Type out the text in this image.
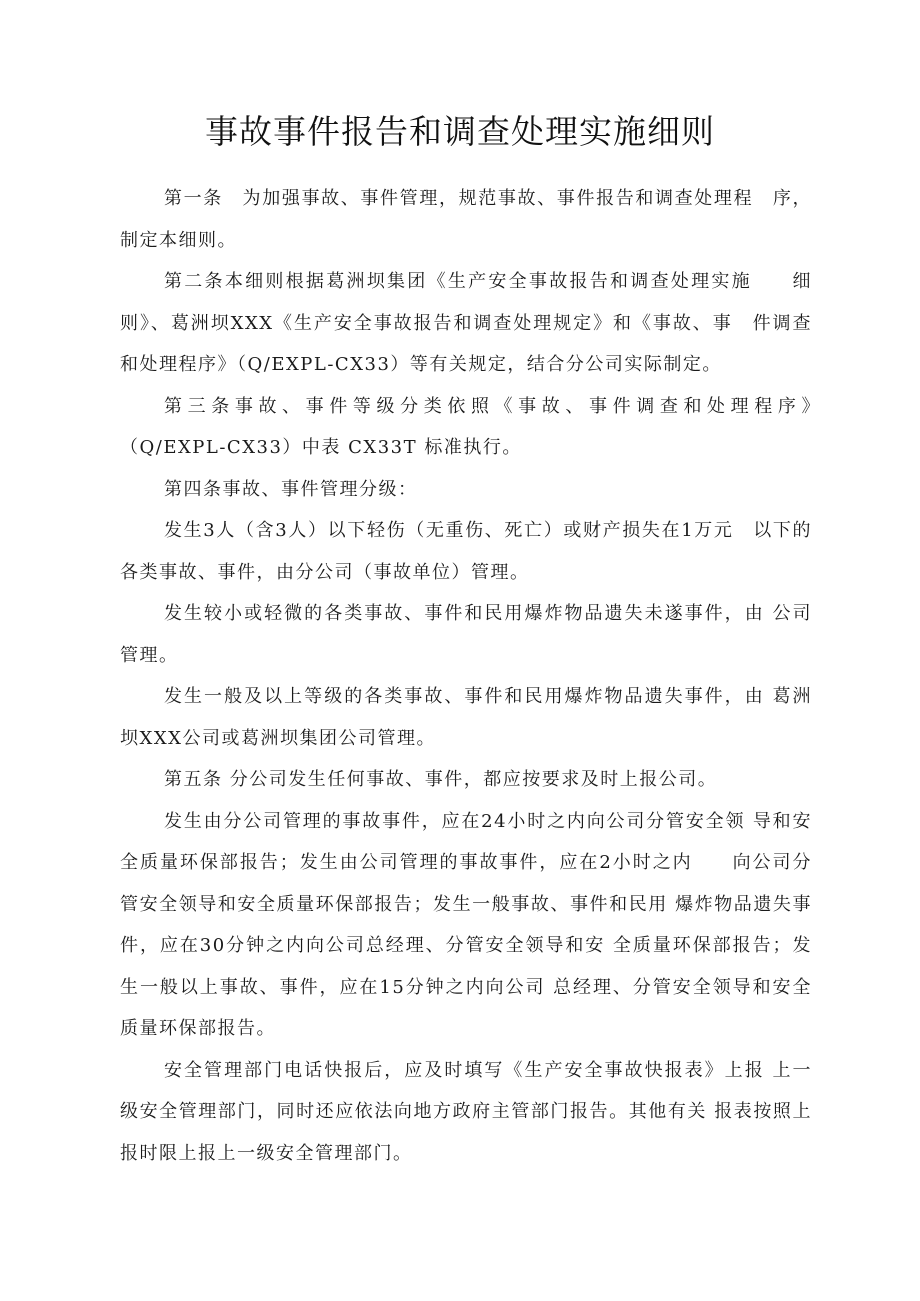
事故事件报告和调查处理实施细则

第一条　为加强事故、事件管理，规范事故、事件报告和调查处理程　序，制定本细则。

第二条本细则根据葛洲坝集团《生产安全事故报告和调查处理实施　　细则》、葛洲坝XXX《生产安全事故报告和调查处理规定》和《事故、事　件调查和处理程序》（Q/EXPL-CX33）等有关规定，结合分公司实际制定。

第三条事故、事件等级分类依照《事故、事件调查和处理程序》　（Q/EXPL-CX33）中表 CX33T 标准执行。

第四条事故、事件管理分级：

发生3人（含3人）以下轻伤（无重伤、死亡）或财产损失在1万元　以下的各类事故、事件，由分公司（事故单位）管理。

发生较小或轻微的各类事故、事件和民用爆炸物品遗失未遂事件，由 公司管理。

发生一般及以上等级的各类事故、事件和民用爆炸物品遗失事件，由 葛洲坝XXX公司或葛洲坝集团公司管理。

第五条 分公司发生任何事故、事件，都应按要求及时上报公司。

发生由分公司管理的事故事件，应在24小时之内向公司分管安全领 导和安全质量环保部报告；发生由公司管理的事故事件，应在2小时之内　　向公司分管安全领导和安全质量环保部报告；发生一般事故、事件和民用 爆炸物品遗失事件，应在30分钟之内向公司总经理、分管安全领导和安 全质量环保部报告；发生一般以上事故、事件，应在15分钟之内向公司 总经理、分管安全领导和安全质量环保部报告。

安全管理部门电话快报后，应及时填写《生产安全事故快报表》上报 上一级安全管理部门，同时还应依法向地方政府主管部门报告。其他有关 报表按照上报时限上报上一级安全管理部门。
